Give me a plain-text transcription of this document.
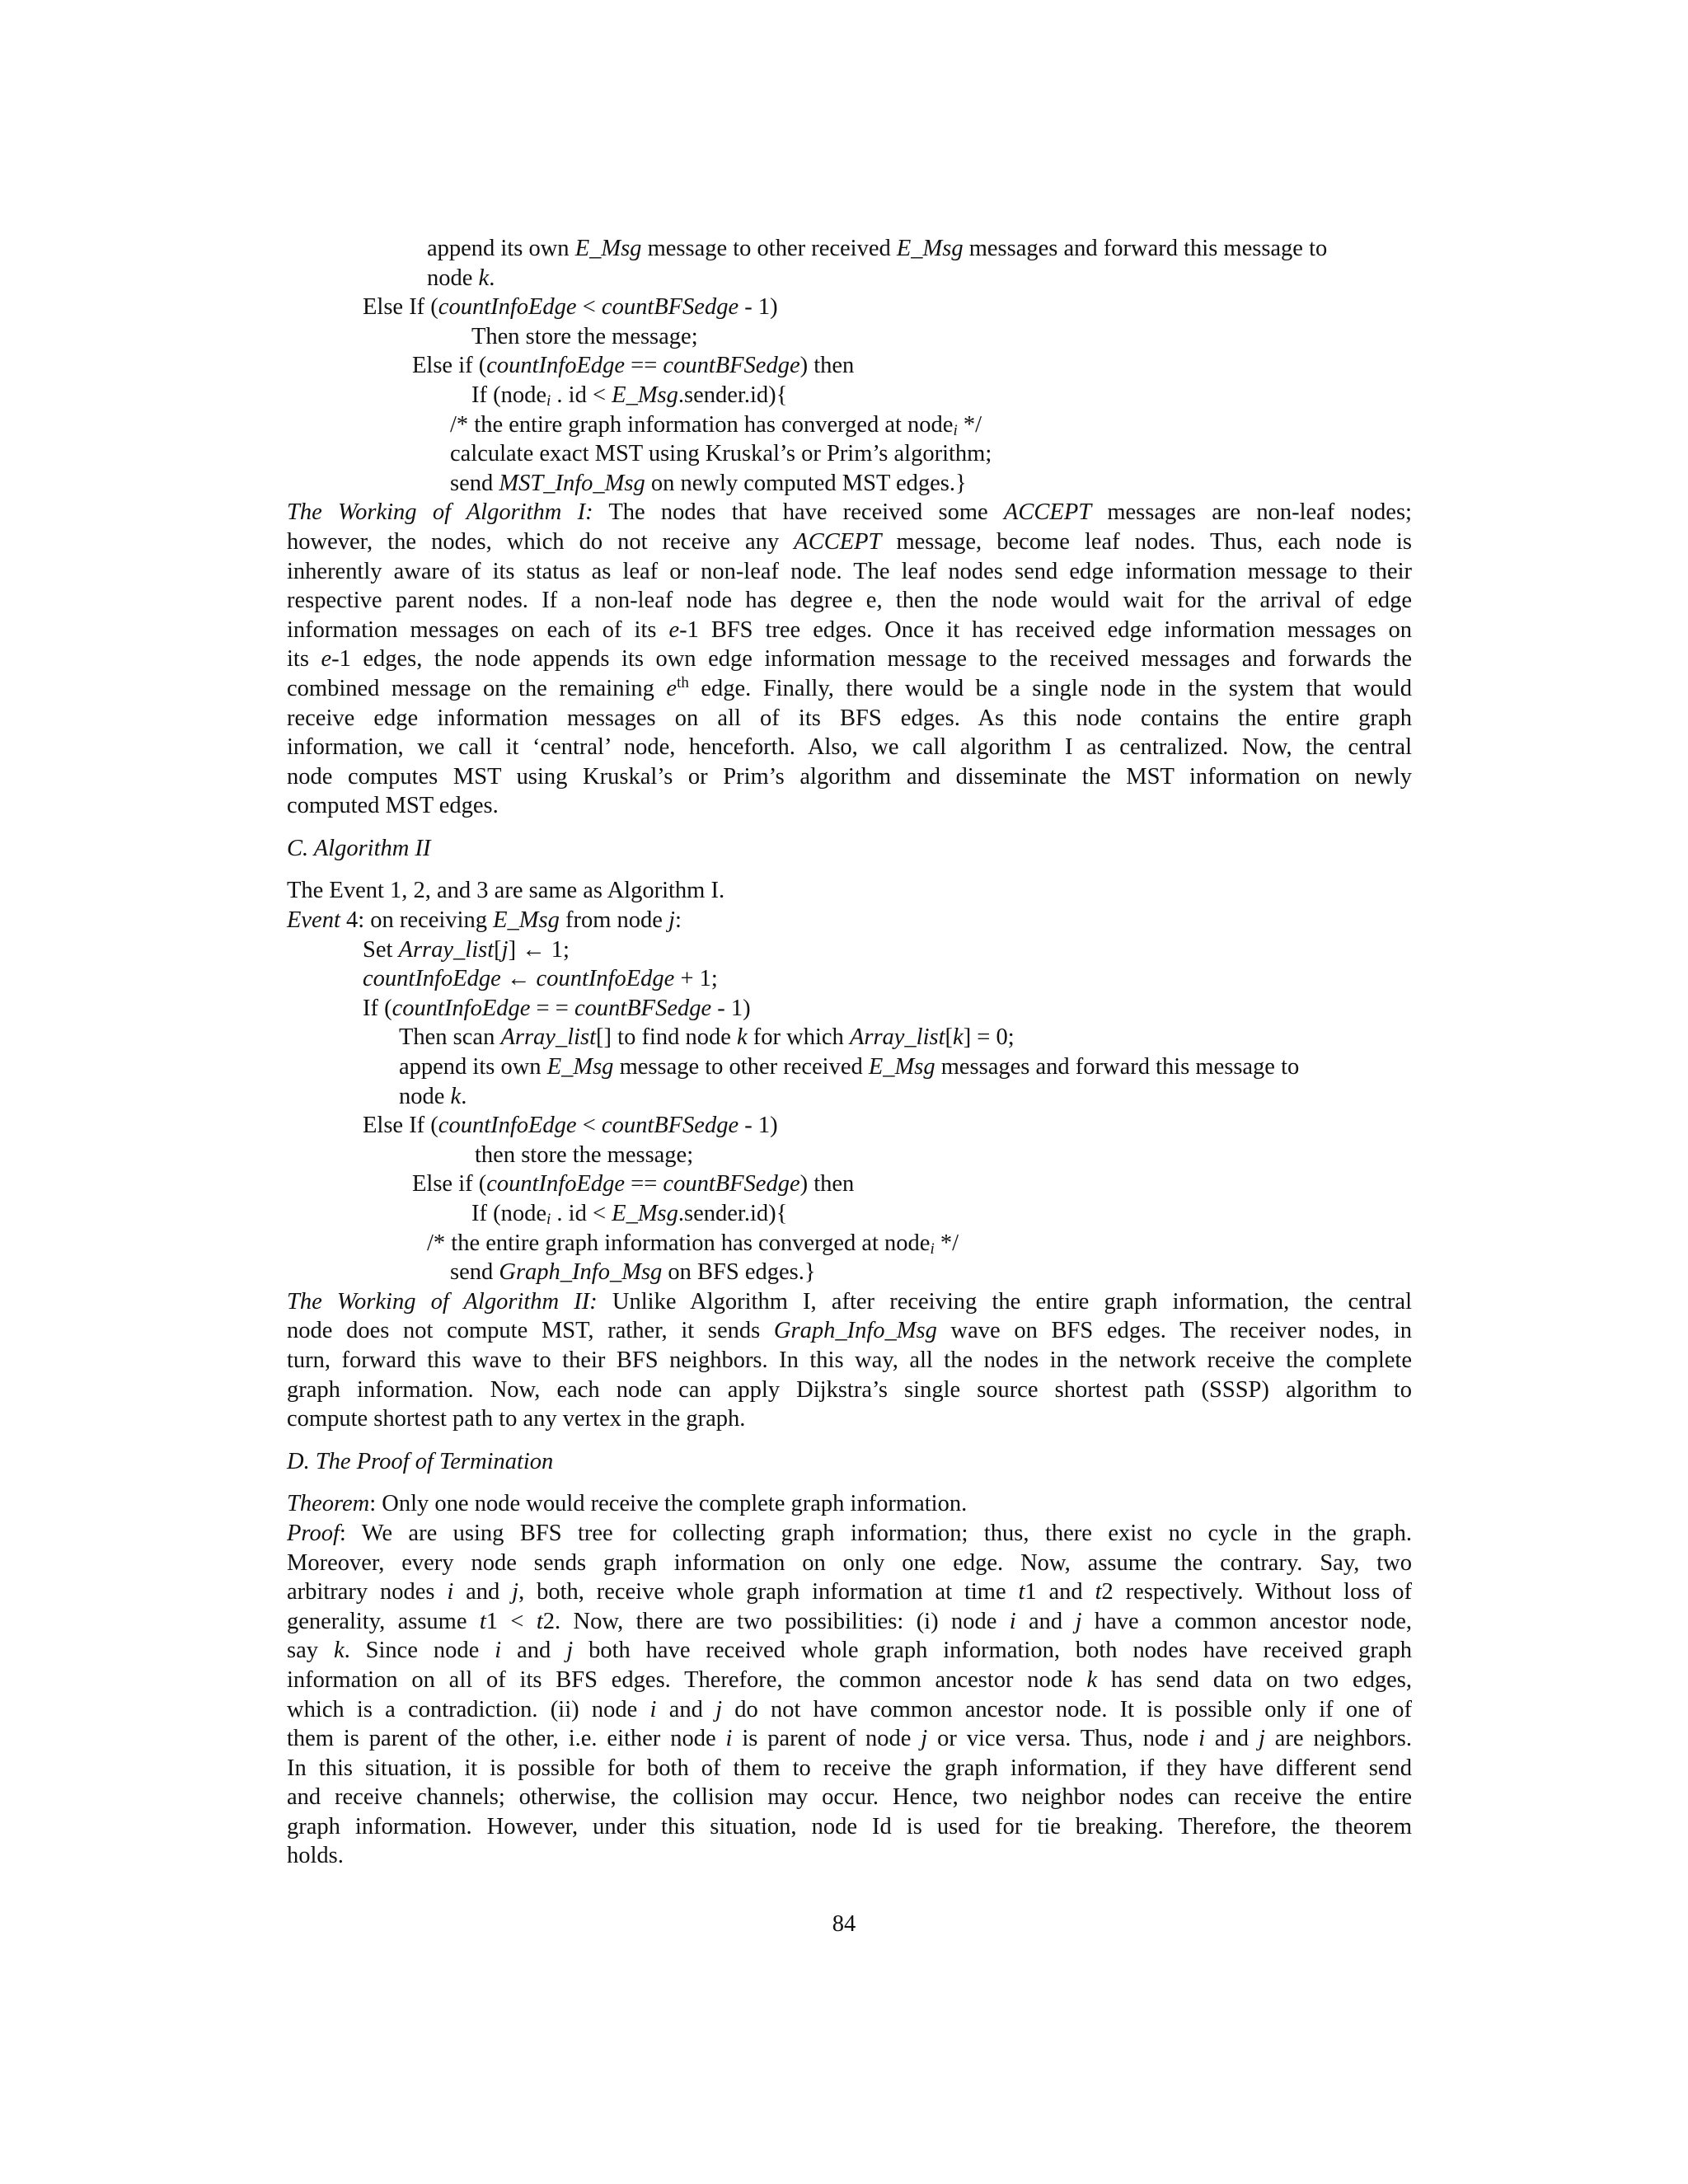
append its own E_Msg message to other received E_Msg messages and forward this message to
node k.
Else If (countInfoEdge < countBFSedge - 1)
Then store the message;
Else if (countInfoEdge == countBFSedge) then
If (node$_i$ . id < E_Msg.sender.id){
/* the entire graph information has converged at node$_i$ */
calculate exact MST using Kruskal’s or Prim’s algorithm;
send MST_Info_Msg on newly computed MST edges.}
The Working of Algorithm I: The nodes that have received some ACCEPT messages are non-leaf nodes;
however, the nodes, which do not receive any ACCEPT message, become leaf nodes. Thus, each node is
inherently aware of its status as leaf or non-leaf node. The leaf nodes send edge information message to their
respective parent nodes. If a non-leaf node has degree e, then the node would wait for the arrival of edge
information messages on each of its e-1 BFS tree edges. Once it has received edge information messages on
its e-1 edges, the node appends its own edge information message to the received messages and forwards the
combined message on the remaining $e^{th}$ edge. Finally, there would be a single node in the system that would
receive edge information messages on all of its BFS edges. As this node contains the entire graph
information, we call it ‘central’ node, henceforth. Also, we call algorithm I as centralized. Now, the central
node computes MST using Kruskal’s or Prim’s algorithm and disseminate the MST information on newly
computed MST edges.
C. Algorithm II
The Event 1, 2, and 3 are same as Algorithm I.
Event 4: on receiving E_Msg from node j:
Set Array_list[j] ← 1;
countInfoEdge ← countInfoEdge + 1;
If (countInfoEdge = = countBFSedge - 1)
Then scan Array_list[] to find node k for which Array_list[k] = 0;
append its own E_Msg message to other received E_Msg messages and forward this message to
node k.
Else If (countInfoEdge < countBFSedge - 1)
then store the message;
Else if (countInfoEdge == countBFSedge) then
If (node$_i$ . id < E_Msg.sender.id){
/* the entire graph information has converged at node$_i$ */
send Graph_Info_Msg on BFS edges.}
The Working of Algorithm II: Unlike Algorithm I, after receiving the entire graph information, the central
node does not compute MST, rather, it sends Graph_Info_Msg wave on BFS edges. The receiver nodes, in
turn, forward this wave to their BFS neighbors. In this way, all the nodes in the network receive the complete
graph information. Now, each node can apply Dijkstra’s single source shortest path (SSSP) algorithm to
compute shortest path to any vertex in the graph.
D. The Proof of Termination
Theorem: Only one node would receive the complete graph information.
Proof: We are using BFS tree for collecting graph information; thus, there exist no cycle in the graph.
Moreover, every node sends graph information on only one edge. Now, assume the contrary. Say, two
arbitrary nodes i and j, both, receive whole graph information at time t1 and t2 respectively. Without loss of
generality, assume t1 < t2. Now, there are two possibilities: (i) node i and j have a common ancestor node,
say k. Since node i and j both have received whole graph information, both nodes have received graph
information on all of its BFS edges. Therefore, the common ancestor node k has send data on two edges,
which is a contradiction. (ii) node i and j do not have common ancestor node. It is possible only if one of
them is parent of the other, i.e. either node i is parent of node j or vice versa. Thus, node i and j are neighbors.
In this situation, it is possible for both of them to receive the graph information, if they have different send
and receive channels; otherwise, the collision may occur. Hence, two neighbor nodes can receive the entire
graph information. However, under this situation, node Id is used for tie breaking. Therefore, the theorem
holds.
84
